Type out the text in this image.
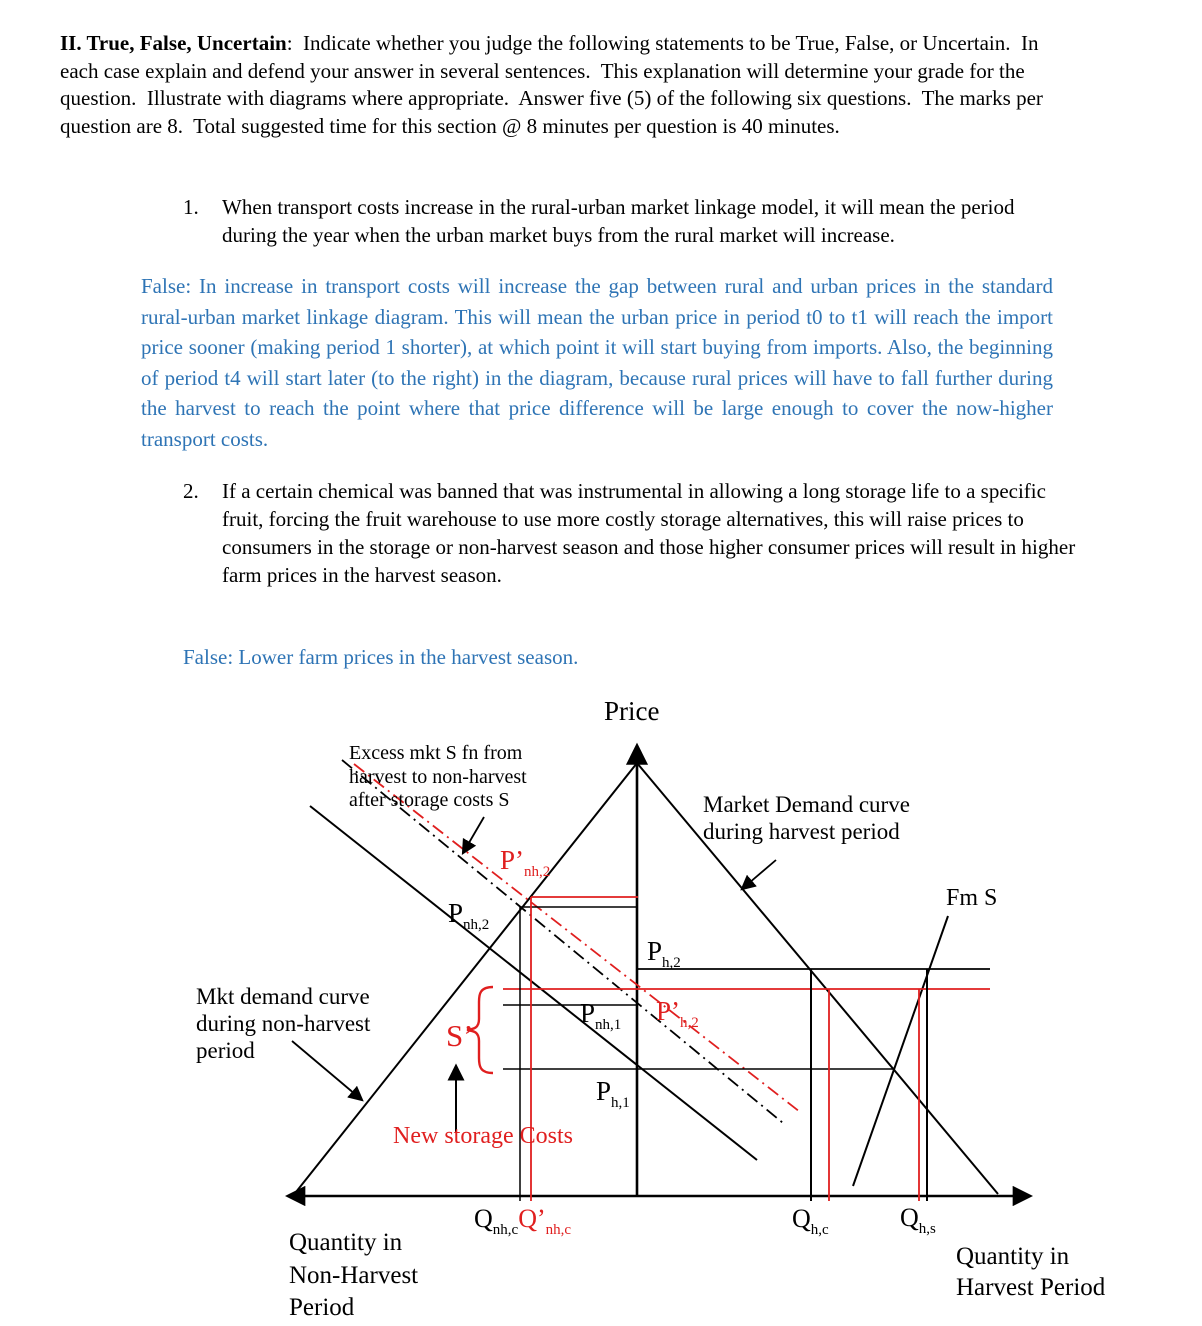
II. True, False, Uncertain:  Indicate whether you judge the following statements to be True, False, or Uncertain.  In each case explain and defend your answer in several sentences.  This explanation will determine your grade for the question.  Illustrate with diagrams where appropriate.  Answer five (5) of the following six questions.  The marks per question are 8.  Total suggested time for this section @ 8 minutes per question is 40 minutes.

1.	When transport costs increase in the rural-urban market linkage model, it will mean the period during the year when the urban market buys from the rural market will increase.

False: In increase in transport costs will increase the gap between rural and urban prices in the standard rural-urban market linkage diagram. This will mean the urban price in period t0 to t1 will reach the import price sooner (making period 1 shorter), at which point it will start buying from imports. Also, the beginning of period t4 will start later (to the right) in the diagram, because rural prices will have to fall further during the harvest to reach the point where that price difference will be large enough to cover the now-higher transport costs.

2.	If a certain chemical was banned that was instrumental in allowing a long storage life to a specific fruit, forcing the fruit warehouse to use more costly storage alternatives, this will raise prices to consumers in the storage or non-harvest season and those higher consumer prices will result in higher farm prices in the harvest season.

False: Lower farm prices in the harvest season.

Price
Excess mkt S fn from
harvest to non-harvest
after storage costs S	Market Demand curve
during harvest period
Fm S
Mkt demand curve
during non-harvest
period
$P’_{nh,2}$
$P_{nh,2}$
$P_{h,2}$
$P_{nh,1}$ $P’_{h,2}$
$P_{h,1}$
S’
New storage Costs
$Q_{nh,c}Q’_{nh,c}$	$Q_{h,c}$	$Q_{h,s}$
Quantity in
Non-Harvest
Period
Quantity in
Harvest Period
